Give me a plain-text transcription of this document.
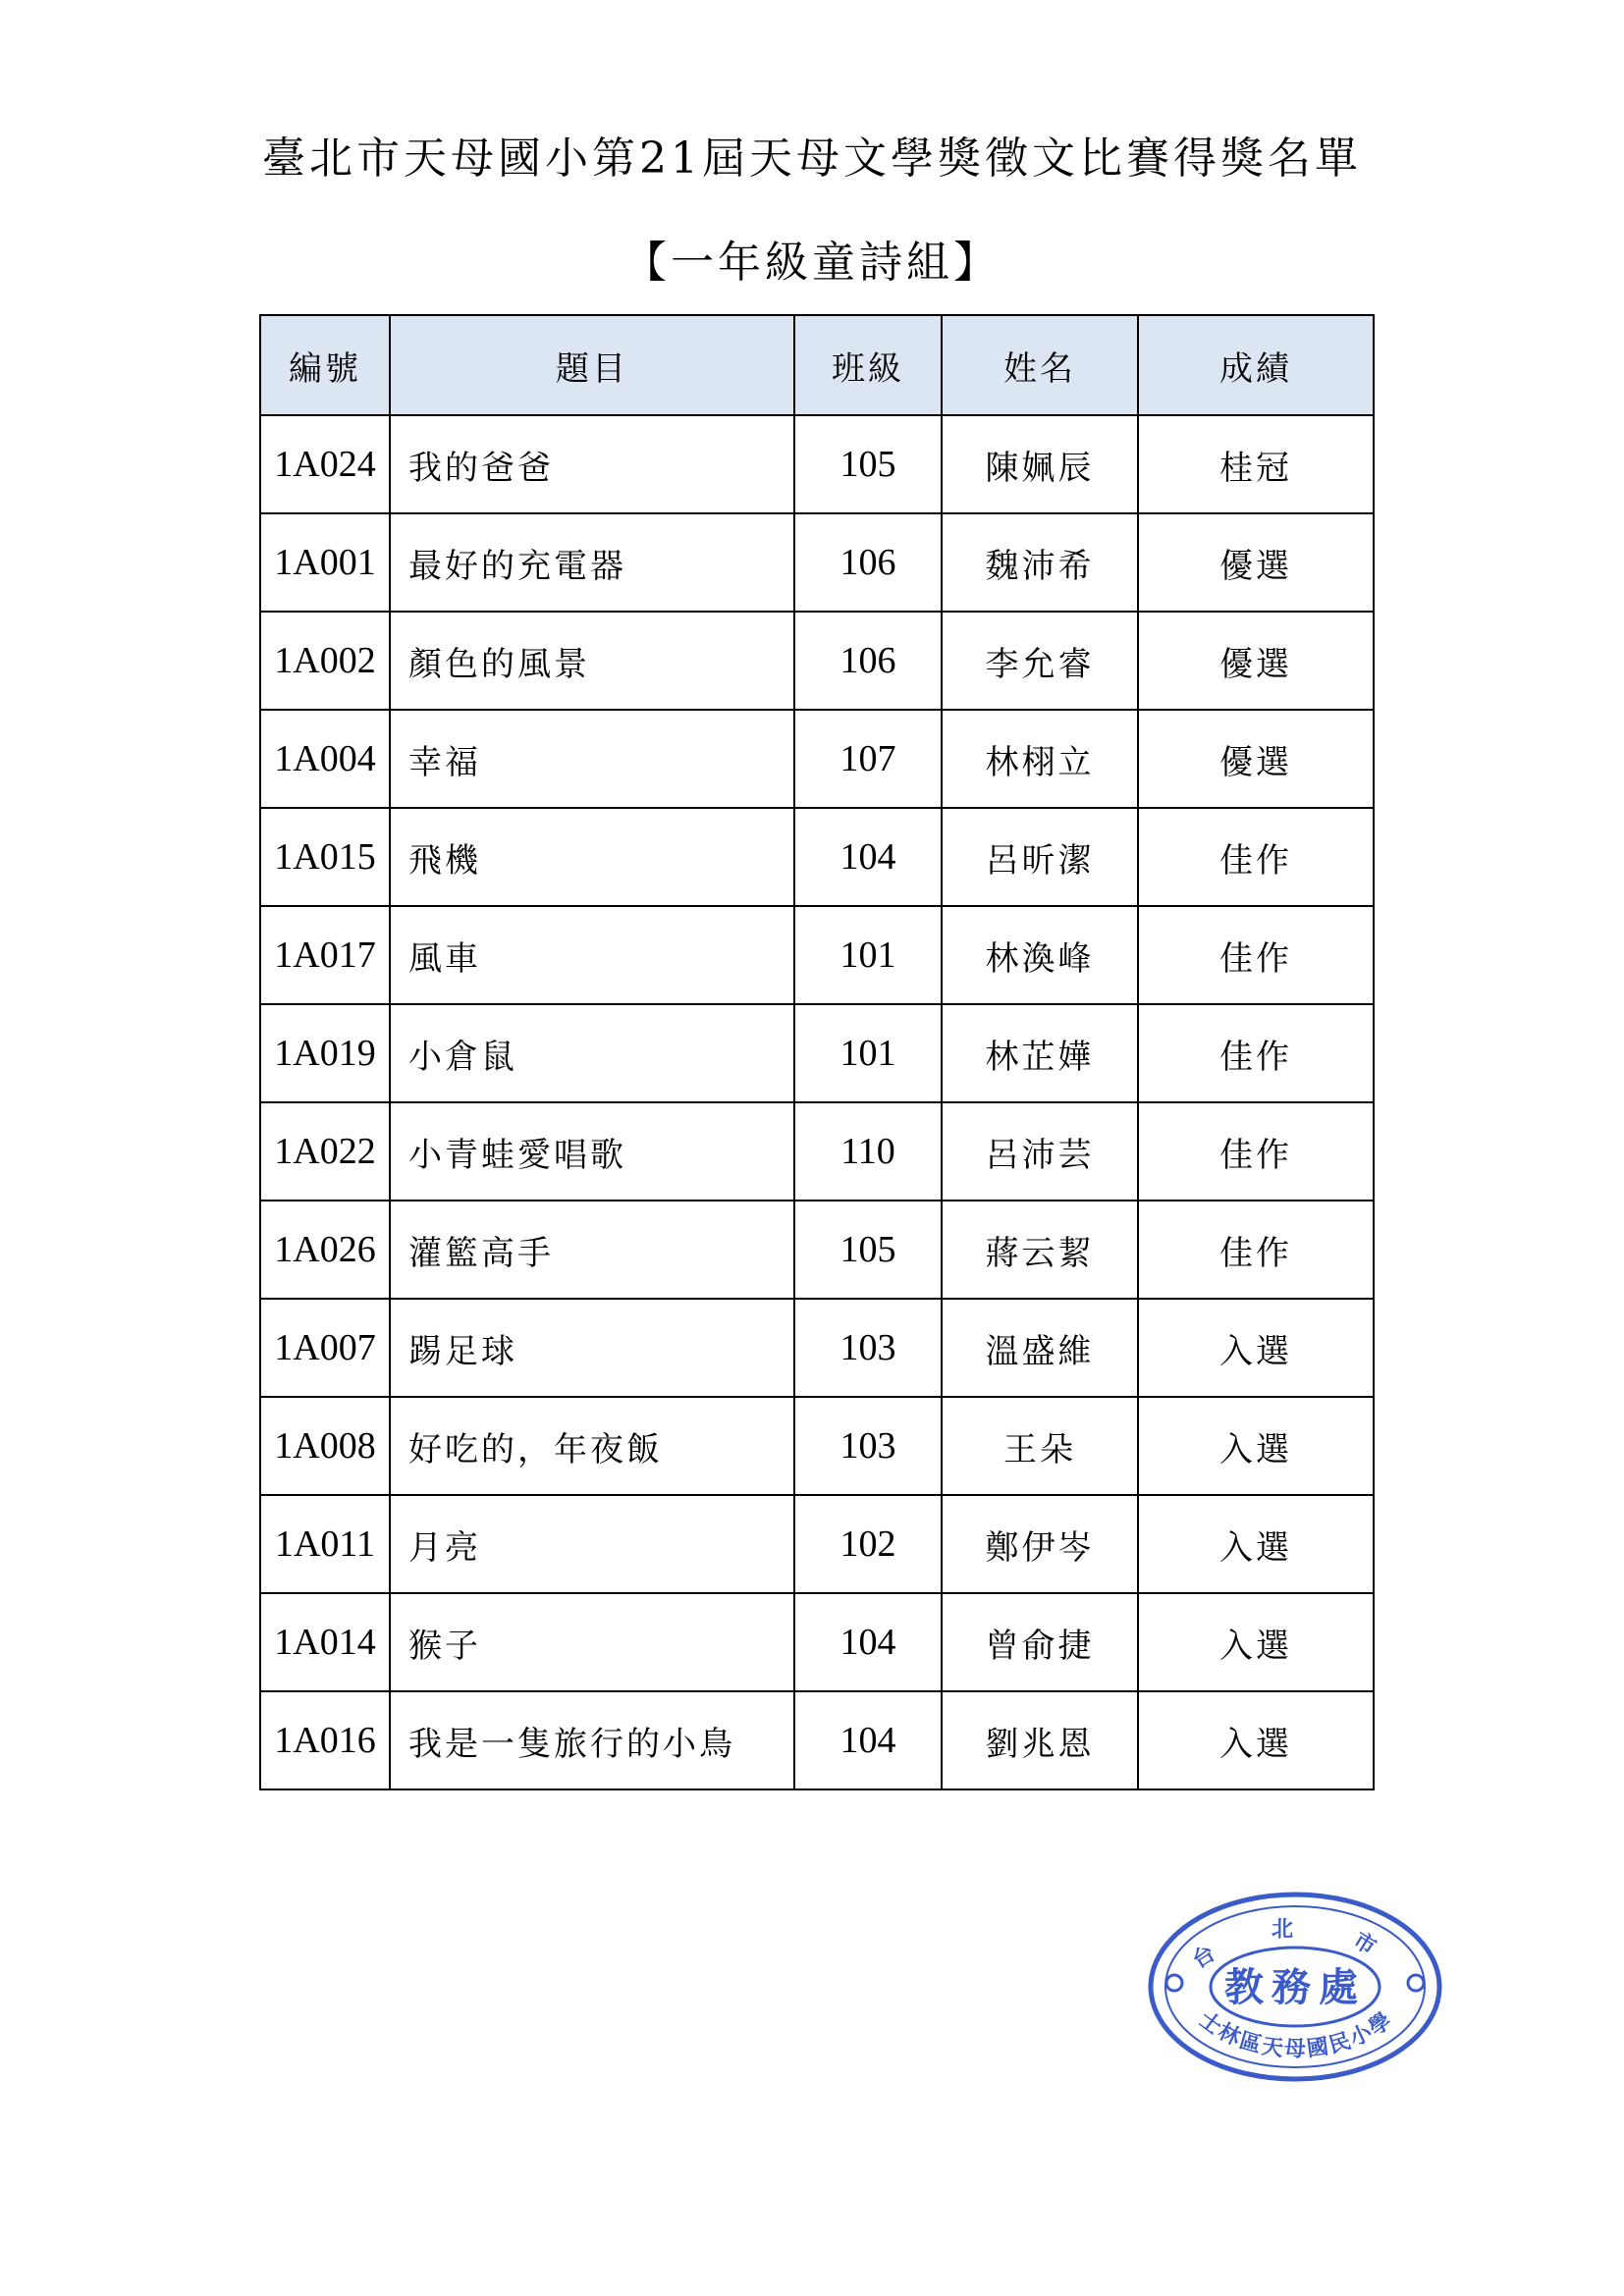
臺北市天母國小第21屆天母文學獎徵文比賽得獎名單
【一年級童詩組】
編號	題目	班級	姓名	成績
1A024	我的爸爸	105	陳姵辰	桂冠
1A001	最好的充電器	106	魏沛希	優選
1A002	顏色的風景	106	李允睿	優選
1A004	幸福	107	林栩立	優選
1A015	飛機	104	呂昕潔	佳作
1A017	風車	101	林渙峰	佳作
1A019	小倉鼠	101	林芷嬅	佳作
1A022	小青蛙愛唱歌	110	呂沛芸	佳作
1A026	灌籃高手	105	蔣云絜	佳作
1A007	踢足球	103	溫盛維	入選
1A008	好吃的，年夜飯	103	王朵	入選
1A011	月亮	102	鄭伊岑	入選
1A014	猴子	104	曾俞捷	入選
1A016	我是一隻旅行的小鳥	104	劉兆恩	入選
台 北 市
教務處
士林區天母國民小學
